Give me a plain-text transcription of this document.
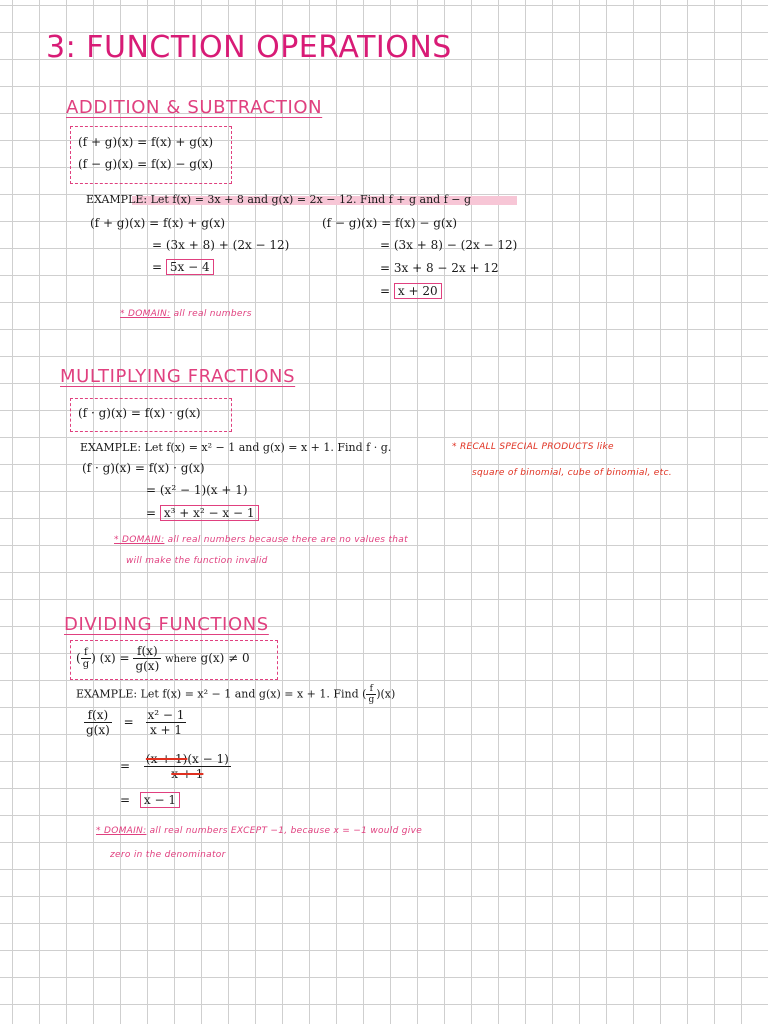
3: FUNCTION OPERATIONS
ADDITION & SUBTRACTION
(f + g)(x) = f(x) + g(x)
(f − g)(x) = f(x) − g(x)
EXAMPLE: Let f(x) = 3x + 8 and g(x) = 2x − 12. Find f + g and f − g
(f + g)(x) = f(x) + g(x)
= (3x + 8) + (2x − 12)
= 5x − 4
(f − g)(x) = f(x) − g(x)
= (3x + 8) − (2x − 12)
= 3x + 8 − 2x + 12
= x + 20
* DOMAIN: all real numbers
MULTIPLYING FRACTIONS
(f · g)(x) = f(x) · g(x)
EXAMPLE: Let f(x) = x² − 1 and g(x) = x + 1. Find f · g.
(f · g)(x) = f(x) · g(x)
= (x² − 1)(x + 1)
= x³ + x² − x − 1
* DOMAIN: all real numbers because there are no values that
will make the function invalid
* RECALL SPECIAL PRODUCTS like
square of binomial, cube of binomial, etc.
DIVIDING FUNCTIONS
( $\frac{f}{g}$ ) $(x) = \frac{f(x)}{g(x)}$ where g(x) ≠ 0
EXAMPLE: Let f(x) = x² − 1 and g(x) = x + 1. Find ( $\frac{f}{g} )(x)$
$\frac{f(x)}{g(x)} = \frac{\text{x² − 1}}{x + 1}$
= $\frac{(x + 1)(x - 1)}{x + 1}$
= x − 1
* DOMAIN: all real numbers EXCEPT −1, because x = −1 would give
zero in the denominator
